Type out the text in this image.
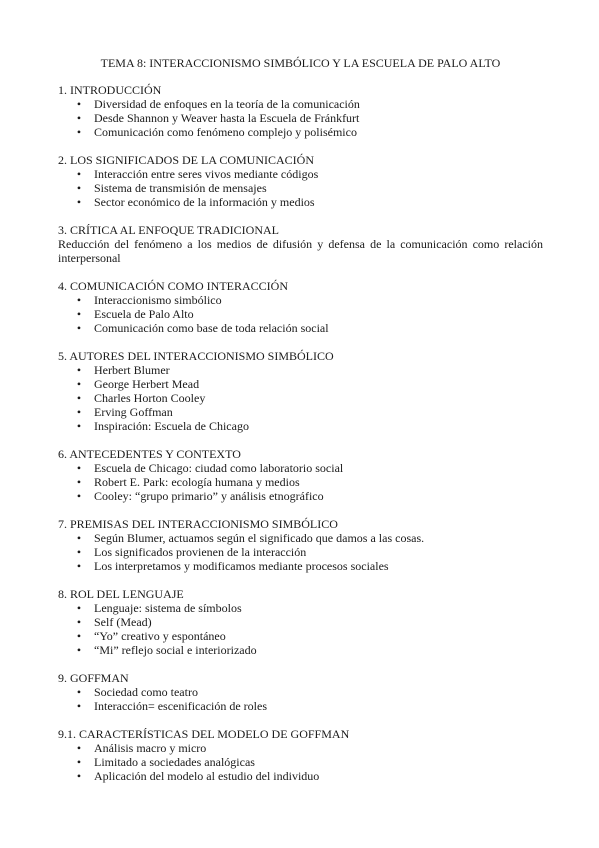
TEMA 8: INTERACCIONISMO SIMBÓLICO Y LA ESCUELA DE PALO ALTO
1. INTRODUCCIÓN
• Diversidad de enfoques en la teoría de la comunicación
• Desde Shannon y Weaver hasta la Escuela de Fránkfurt
• Comunicación como fenómeno complejo y polisémico
2. LOS SIGNIFICADOS DE LA COMUNICACIÓN
• Interacción entre seres vivos mediante códigos
• Sistema de transmisión de mensajes
• Sector económico de la información y medios
3. CRÍTICA AL ENFOQUE TRADICIONAL
Reducción del fenómeno a los medios de difusión y defensa de la comunicación como relación interpersonal
4. COMUNICACIÓN COMO INTERACCIÓN
• Interaccionismo simbólico
• Escuela de Palo Alto
• Comunicación como base de toda relación social
5. AUTORES DEL INTERACCIONISMO SIMBÓLICO
• Herbert Blumer
• George Herbert Mead
• Charles Horton Cooley
• Erving Goffman
• Inspiración: Escuela de Chicago
6. ANTECEDENTES Y CONTEXTO
• Escuela de Chicago: ciudad como laboratorio social
• Robert E. Park: ecología humana y medios
• Cooley: “grupo primario” y análisis etnográfico
7. PREMISAS DEL INTERACCIONISMO SIMBÓLICO
• Según Blumer, actuamos según el significado que damos a las cosas.
• Los significados provienen de la interacción
• Los interpretamos y modificamos mediante procesos sociales
8. ROL DEL LENGUAJE
• Lenguaje: sistema de símbolos
• Self (Mead)
• “Yo” creativo y espontáneo
• “Mi” reflejo social e interiorizado
9. GOFFMAN
• Sociedad como teatro
• Interacción= escenificación de roles
9.1. CARACTERÍSTICAS DEL MODELO DE GOFFMAN
• Análisis macro y micro
• Limitado a sociedades analógicas
• Aplicación del modelo al estudio del individuo
